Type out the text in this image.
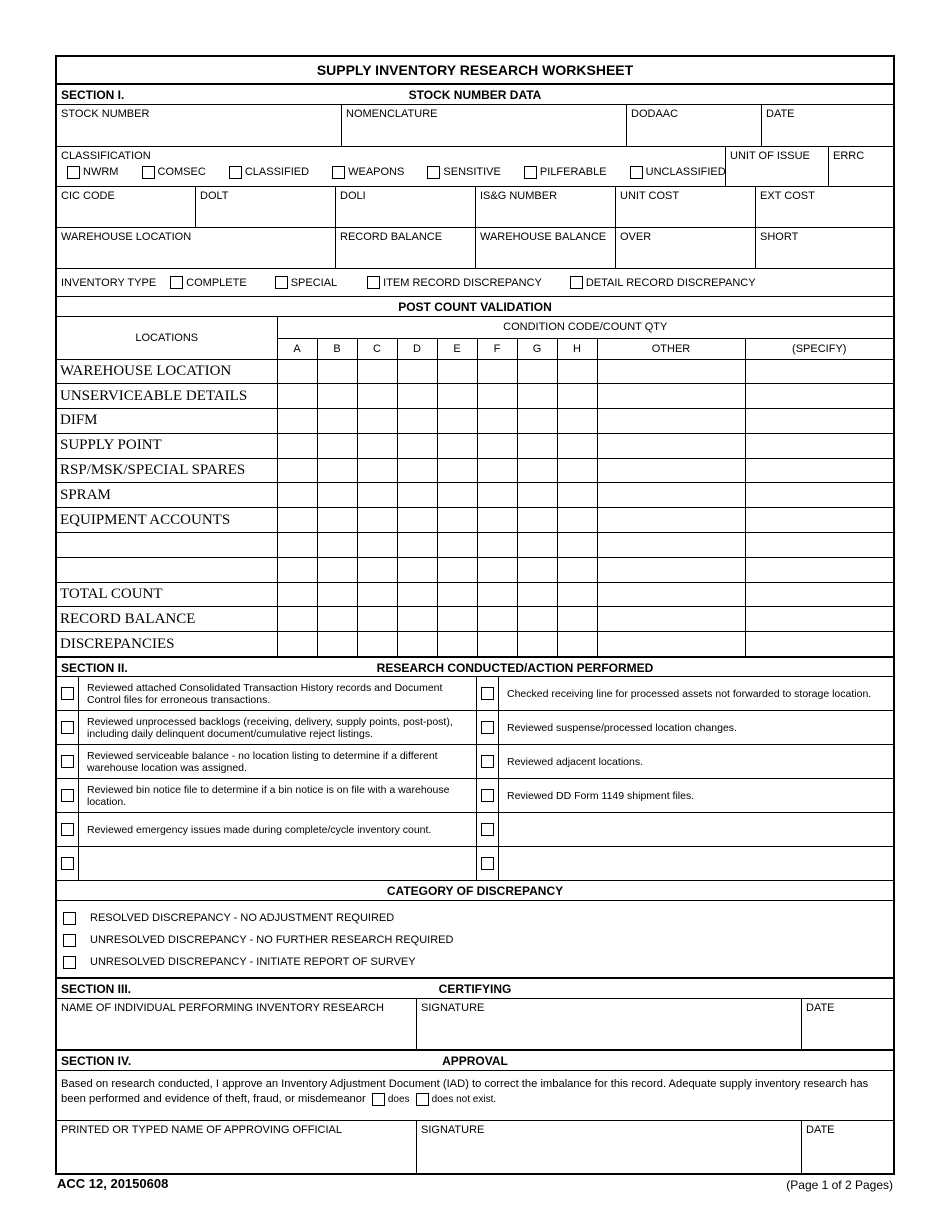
SUPPLY INVENTORY RESEARCH WORKSHEET
SECTION I.	STOCK NUMBER DATA
STOCK NUMBER	NOMENCLATURE	DODAAC	DATE
CLASSIFICATION
NWRM
	COMSEC
	CLASSIFIED
	WEAPONS
	SENSITIVE
	PILFERABLE
	UNCLASSIFIED
UNIT OF ISSUE	ERRC
CIC CODE	DOLT	DOLI	IS&G NUMBER	UNIT COST	EXT COST
WAREHOUSE LOCATION	RECORD BALANCE	WAREHOUSE BALANCE	OVER	SHORT
INVENTORY TYPE	COMPLETE	SPECIAL	ITEM RECORD DISCREPANCY	DETAIL RECORD DISCREPANCY
POST COUNT VALIDATION
LOCATIONS	CONDITION CODE/COUNT QTY									
	A	B	C	D	E	F	G	H	OTHER	(SPECIFY)
WAREHOUSE LOCATION										
UNSERVICEABLE DETAILS										
DIFM										
SUPPLY POINT										
RSP/MSK/SPECIAL SPARES										
SPRAM										
EQUIPMENT ACCOUNTS										

TOTAL COUNT										
RECORD BALANCE										
DISCREPANCIES										
SECTION II.	RESEARCH CONDUCTED/ACTION PERFORMED
Reviewed attached Consolidated Transaction History records and Document Control files for erroneous transactions.	Checked receiving line for processed assets not forwarded to storage location.
Reviewed unprocessed backlogs (receiving, delivery, supply points, post-post), including daily delinquent document/cumulative reject listings.	Reviewed suspense/processed location changes.
Reviewed serviceable balance - no location listing to determine if a different warehouse location was assigned.	Reviewed adjacent locations.
Reviewed bin notice file to determine if a bin notice is on file with a warehouse location.	Reviewed DD Form 1149 shipment files.
Reviewed emergency issues made during complete/cycle inventory count.
CATEGORY OF DISCREPANCY
RESOLVED DISCREPANCY - NO ADJUSTMENT REQUIRED
UNRESOLVED DISCREPANCY - NO FURTHER RESEARCH REQUIRED
UNRESOLVED DISCREPANCY - INITIATE REPORT OF SURVEY
SECTION III.	CERTIFYING
NAME OF INDIVIDUAL PERFORMING INVENTORY RESEARCH	SIGNATURE	DATE
SECTION IV.	APPROVAL
Based on research conducted, I approve an Inventory Adjustment Document (IAD) to correct the imbalance for this record. Adequate supply inventory research has been performed and evidence of theft, fraud, or misdemeanor does does not exist.
PRINTED OR TYPED NAME OF APPROVING OFFICIAL	SIGNATURE	DATE
ACC 12, 20150608	(Page 1 of 2 Pages)
